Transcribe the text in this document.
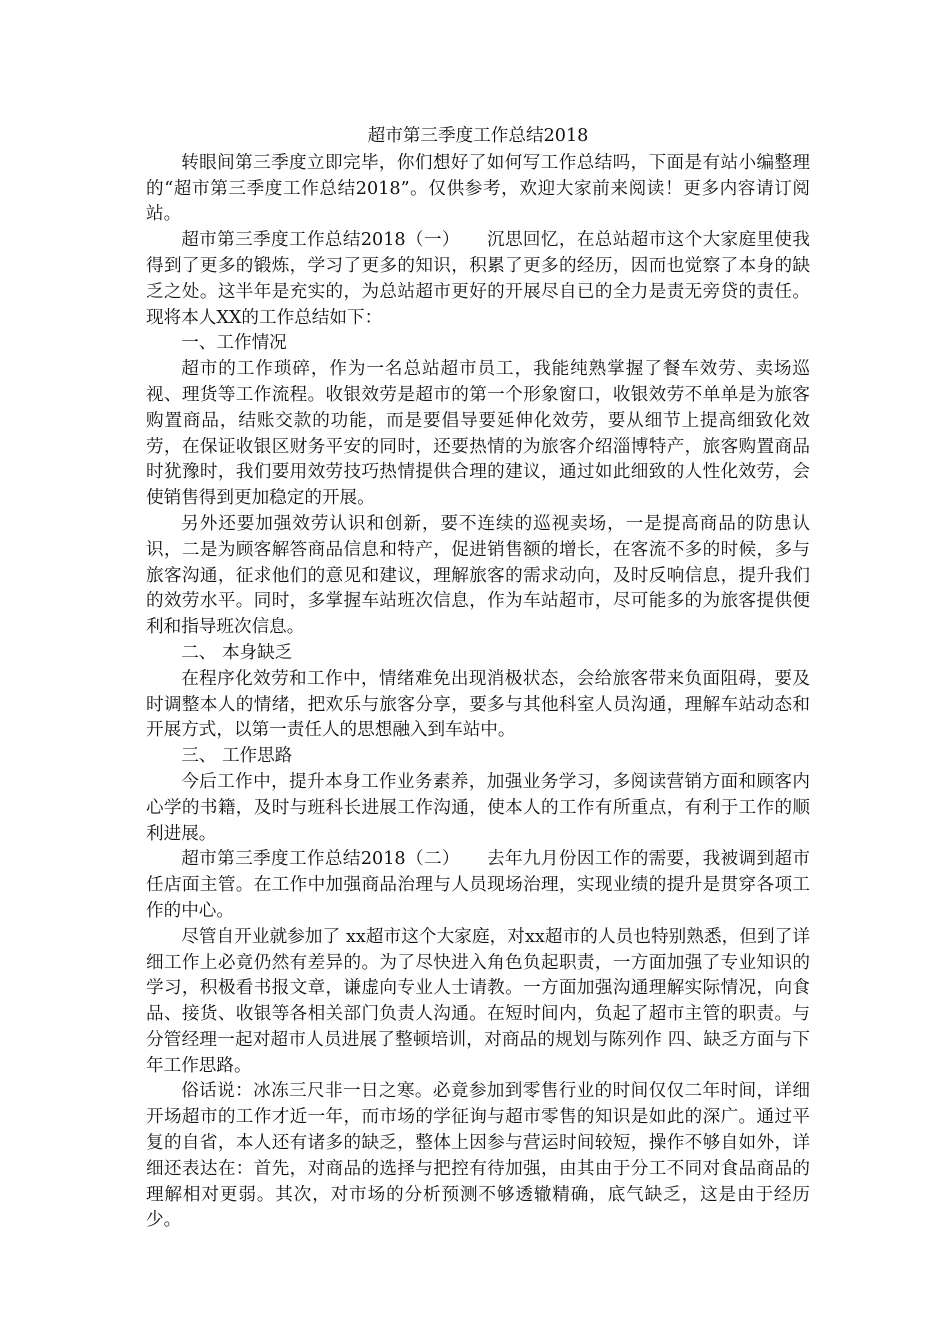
超市第三季度工作总结2018

转眼间第三季度立即完毕，你们想好了如何写工作总结吗，下面是有站小编整理的“超市第三季度工作总结2018”。仅供参考，欢迎大家前来阅读！更多内容请订阅站。

超市第三季度工作总结2018（一）　　沉思回忆，在总站超市这个大家庭里使我得到了更多的锻炼，学习了更多的知识，积累了更多的经历，因而也觉察了本身的缺乏之处。这半年是充实的，为总站超市更好的开展尽自已的全力是责无旁贷的责任。 现将本人XX的工作总结如下：

一、工作情况

超市的工作琐碎，作为一名总站超市员工，我能纯熟掌握了餐车效劳、卖场巡视、理货等工作流程。收银效劳是超市的第一个形象窗口，收银效劳不单单是为旅客购置商品，结账交款的功能，而是要倡导要延伸化效劳，要从细节上提高细致化效劳，在保证收银区财务平安的同时，还要热情的为旅客介绍淄博特产，旅客购置商品时犹豫时，我们要用效劳技巧热情提供合理的建议，通过如此细致的人性化效劳，会使销售得到更加稳定的开展。

另外还要加强效劳认识和创新，要不连续的巡视卖场，一是提高商品的防患认识，二是为顾客解答商品信息和特产，促进销售额的增长，在客流不多的时候，多与旅客沟通，征求他们的意见和建议，理解旅客的需求动向，及时反响信息，提升我们的效劳水平。同时，多掌握车站班次信息，作为车站超市，尽可能多的为旅客提供便利和指导班次信息。

二、 本身缺乏

在程序化效劳和工作中，情绪难免出现消极状态，会给旅客带来负面阻碍，要及时调整本人的情绪，把欢乐与旅客分享，要多与其他科室人员沟通，理解车站动态和开展方式，以第一责任人的思想融入到车站中。

三、 工作思路

今后工作中，提升本身工作业务素养，加强业务学习，多阅读营销方面和顾客内心学的书籍，及时与班科长进展工作沟通，使本人的工作有所重点，有利于工作的顺利进展。

超市第三季度工作总结2018（二）　　去年九月份因工作的需要，我被调到超市任店面主管。在工作中加强商品治理与人员现场治理，实现业绩的提升是贯穿各项工作的中心。

尽管自开业就参加了 xx超市这个大家庭，对xx超市的人员也特别熟悉，但到了详细工作上必竟仍然有差异的。为了尽快进入角色负起职责，一方面加强了专业知识的学习，积极看书报文章，谦虚向专业人士请教。一方面加强沟通理解实际情况，向食品、接货、收银等各相关部门负责人沟通。在短时间内，负起了超市主管的职责。与分管经理一起对超市人员进展了整顿培训，对商品的规划与陈列作 四、缺乏方面与下年工作思路。

俗话说：冰冻三尺非一日之寒。必竟参加到零售行业的时间仅仅二年时间，详细开场超市的工作才近一年，而市场的学征询与超市零售的知识是如此的深广。通过平复的自省，本人还有诸多的缺乏，整体上因参与营运时间较短，操作不够自如外，详细还表达在：首先，对商品的选择与把控有待加强，由其由于分工不同对食品商品的理解相对更弱。其次，对市场的分析预测不够透辙精确，底气缺乏，这是由于经历少。
